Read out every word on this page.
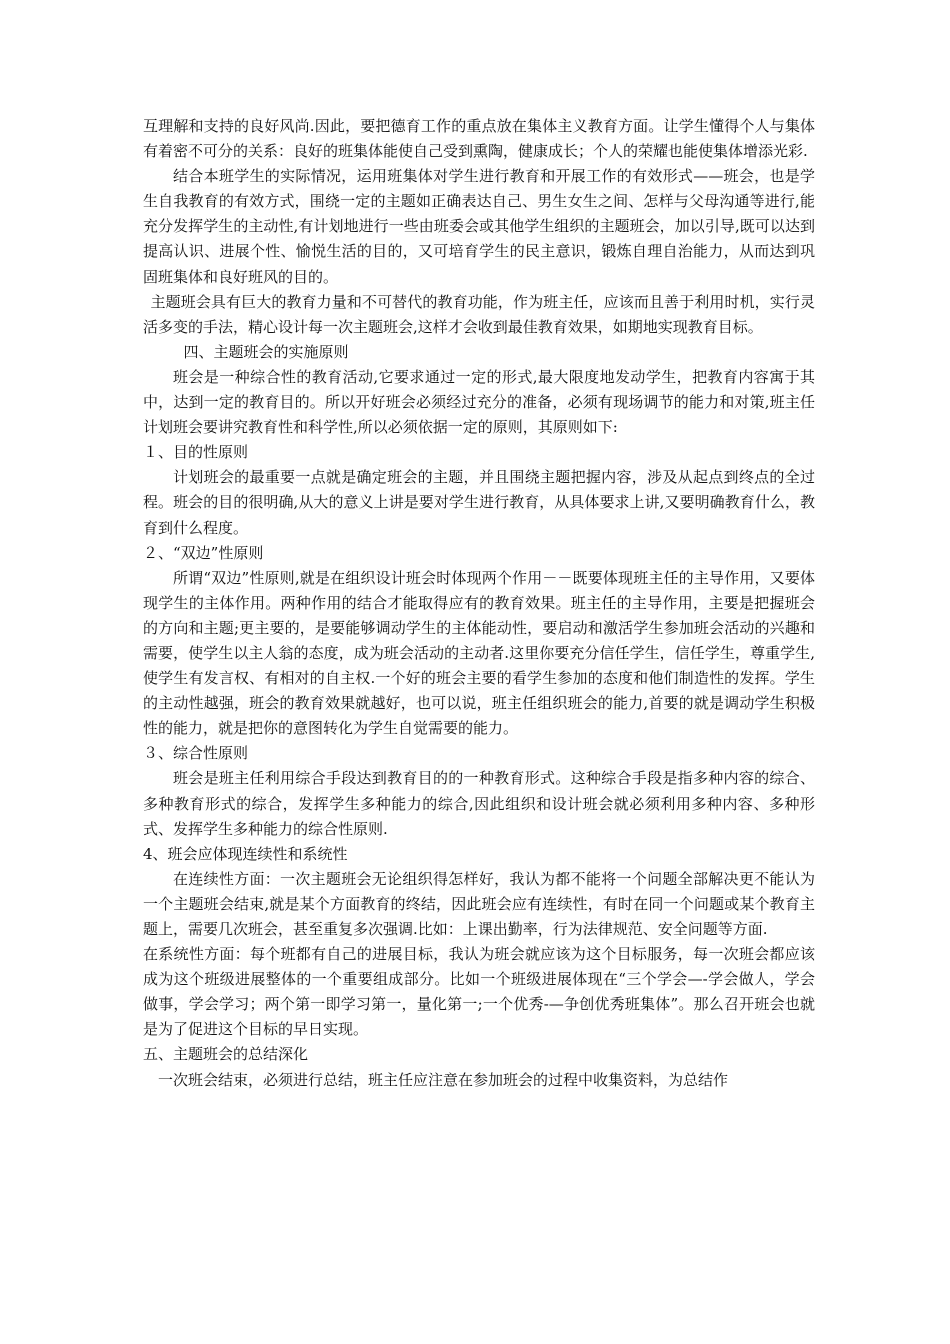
互理解和支持的良好风尚.因此，要把德育工作的重点放在集体主义教育方面。让学生懂得个人与集体有着密不可分的关系：良好的班集体能使自己受到熏陶，健康成长；个人的荣耀也能使集体增添光彩.

结合本班学生的实际情况，运用班集体对学生进行教育和开展工作的有效形式——班会，也是学生自我教育的有效方式，围绕一定的主题如正确表达自己、男生女生之间、怎样与父母沟通等进行,能充分发挥学生的主动性,有计划地进行一些由班委会或其他学生组织的主题班会，加以引导,既可以达到提高认识、进展个性、愉悦生活的目的，又可培育学生的民主意识，锻炼自理自治能力，从而达到巩固班集体和良好班风的目的。

主题班会具有巨大的教育力量和不可替代的教育功能，作为班主任，应该而且善于利用时机，实行灵活多变的手法，精心设计每一次主题班会,这样才会收到最佳教育效果，如期地实现教育目标。

四、主题班会的实施原则

班会是一种综合性的教育活动,它要求通过一定的形式,最大限度地发动学生，把教育内容寓于其中，达到一定的教育目的。所以开好班会必须经过充分的准备，必须有现场调节的能力和对策,班主任计划班会要讲究教育性和科学性,所以必须依据一定的原则，其原则如下:

１、目的性原则

计划班会的最重要一点就是确定班会的主题，并且围绕主题把握内容，涉及从起点到终点的全过程。班会的目的很明确,从大的意义上讲是要对学生进行教育，从具体要求上讲,又要明确教育什么，教育到什么程度。

２、“双边”性原则

所谓“双边”性原则,就是在组织设计班会时体现两个作用－－既要体现班主任的主导作用，又要体现学生的主体作用。两种作用的结合才能取得应有的教育效果。班主任的主导作用，主要是把握班会的方向和主题;更主要的，是要能够调动学生的主体能动性，要启动和激活学生参加班会活动的兴趣和需要，使学生以主人翁的态度，成为班会活动的主动者.这里你要充分信任学生，信任学生，尊重学生,使学生有发言权、有相对的自主权.一个好的班会主要的看学生参加的态度和他们制造性的发挥。学生的主动性越强，班会的教育效果就越好，也可以说，班主任组织班会的能力,首要的就是调动学生积极性的能力，就是把你的意图转化为学生自觉需要的能力。

３、综合性原则

班会是班主任利用综合手段达到教育目的的一种教育形式。这种综合手段是指多种内容的综合、多种教育形式的综合，发挥学生多种能力的综合,因此组织和设计班会就必须利用多种内容、多种形式、发挥学生多种能力的综合性原则.

4、班会应体现连续性和系统性

在连续性方面：一次主题班会无论组织得怎样好，我认为都不能将一个问题全部解决更不能认为一个主题班会结束,就是某个方面教育的终结，因此班会应有连续性，有时在同一个问题或某个教育主题上，需要几次班会，甚至重复多次强调.比如：上课出勤率，行为法律规范、安全问题等方面.

在系统性方面：每个班都有自己的进展目标，我认为班会就应该为这个目标服务，每一次班会都应该成为这个班级进展整体的一个重要组成部分。比如一个班级进展体现在“三个学会—-学会做人，学会做事，学会学习；两个第一即学习第一，量化第一;一个优秀-—争创优秀班集体”。那么召开班会也就是为了促进这个目标的早日实现。

五、主题班会的总结深化

一次班会结束，必须进行总结，班主任应注意在参加班会的过程中收集资料，为总结作
